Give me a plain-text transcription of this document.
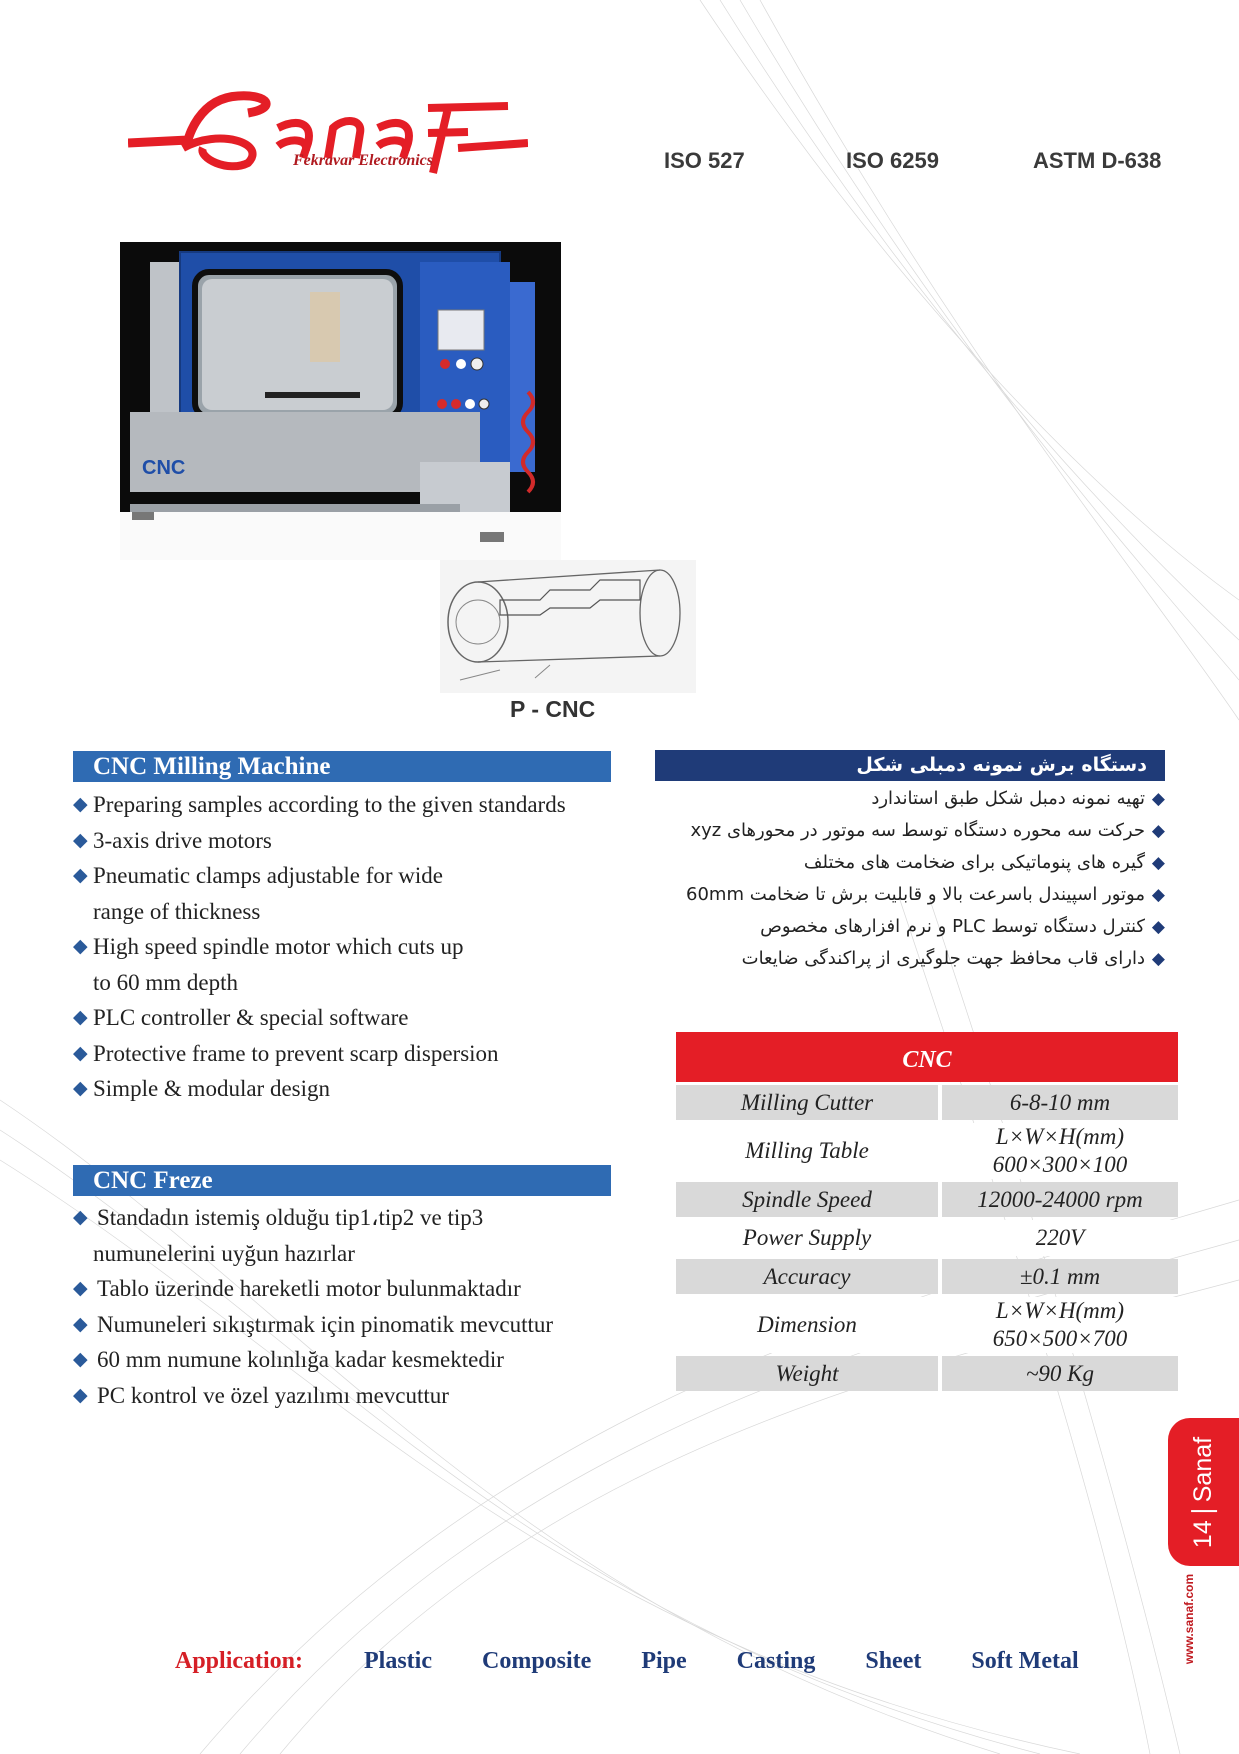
Fekravar Electronics	ISO 527	ISO 6259	ASTM D-638
CNC
P - CNC
CNC Milling Machine
◆ Preparing samples according to the given standards
◆ 3-axis drive motors
◆ Pneumatic clamps adjustable for wide
range of thickness
◆ High speed spindle motor which cuts up
to 60 mm depth
◆ PLC controller & special software
◆ Protective frame to prevent scarp dispersion
◆ Simple & modular design
دستگاه برش نمونه دمبلی شکل
◆ تهیه نمونه دمبل شکل طبق استاندارد
◆ حرکت سه محوره دستگاه توسط سه موتور در محورهای xyz
◆ گیره های پنوماتیکی برای ضخامت های مختلف
◆ موتور اسپیندل باسرعت بالا و قابلیت برش تا ضخامت 60mm
◆ کنترل دستگاه توسط PLC و نرم افزارهای مخصوص
◆ دارای قاب محافظ جهت جلوگیری از پراکندگی ضایعات
CNC
Milling Cutter	6-8-10 mm
Milling Table	L×W×H(mm)
600×300×100

Spindle Speed	12000-24000 rpm
Power Supply	220V
Accuracy	±0.1 mm
Dimension	L×W×H(mm)
650×500×700

Weight	~90 Kg
CNC Freze
◆ Standadın istemiş olduğu tip1،tip2 ve tip3
numunelerini uyğun hazırlar
◆ Tablo üzerinde hareketli motor bulunmaktadır
◆ Numuneleri sıkıştırmak için pinomatik mevcuttur
◆ 60 mm numune kolınlığa kadar kesmektedir
◆ PC kontrol ve özel yazılımı mevcuttur
14Sanaf
www.sanaf.com
Application:	Plastic Composite Pipe Casting Sheet Soft Metal
